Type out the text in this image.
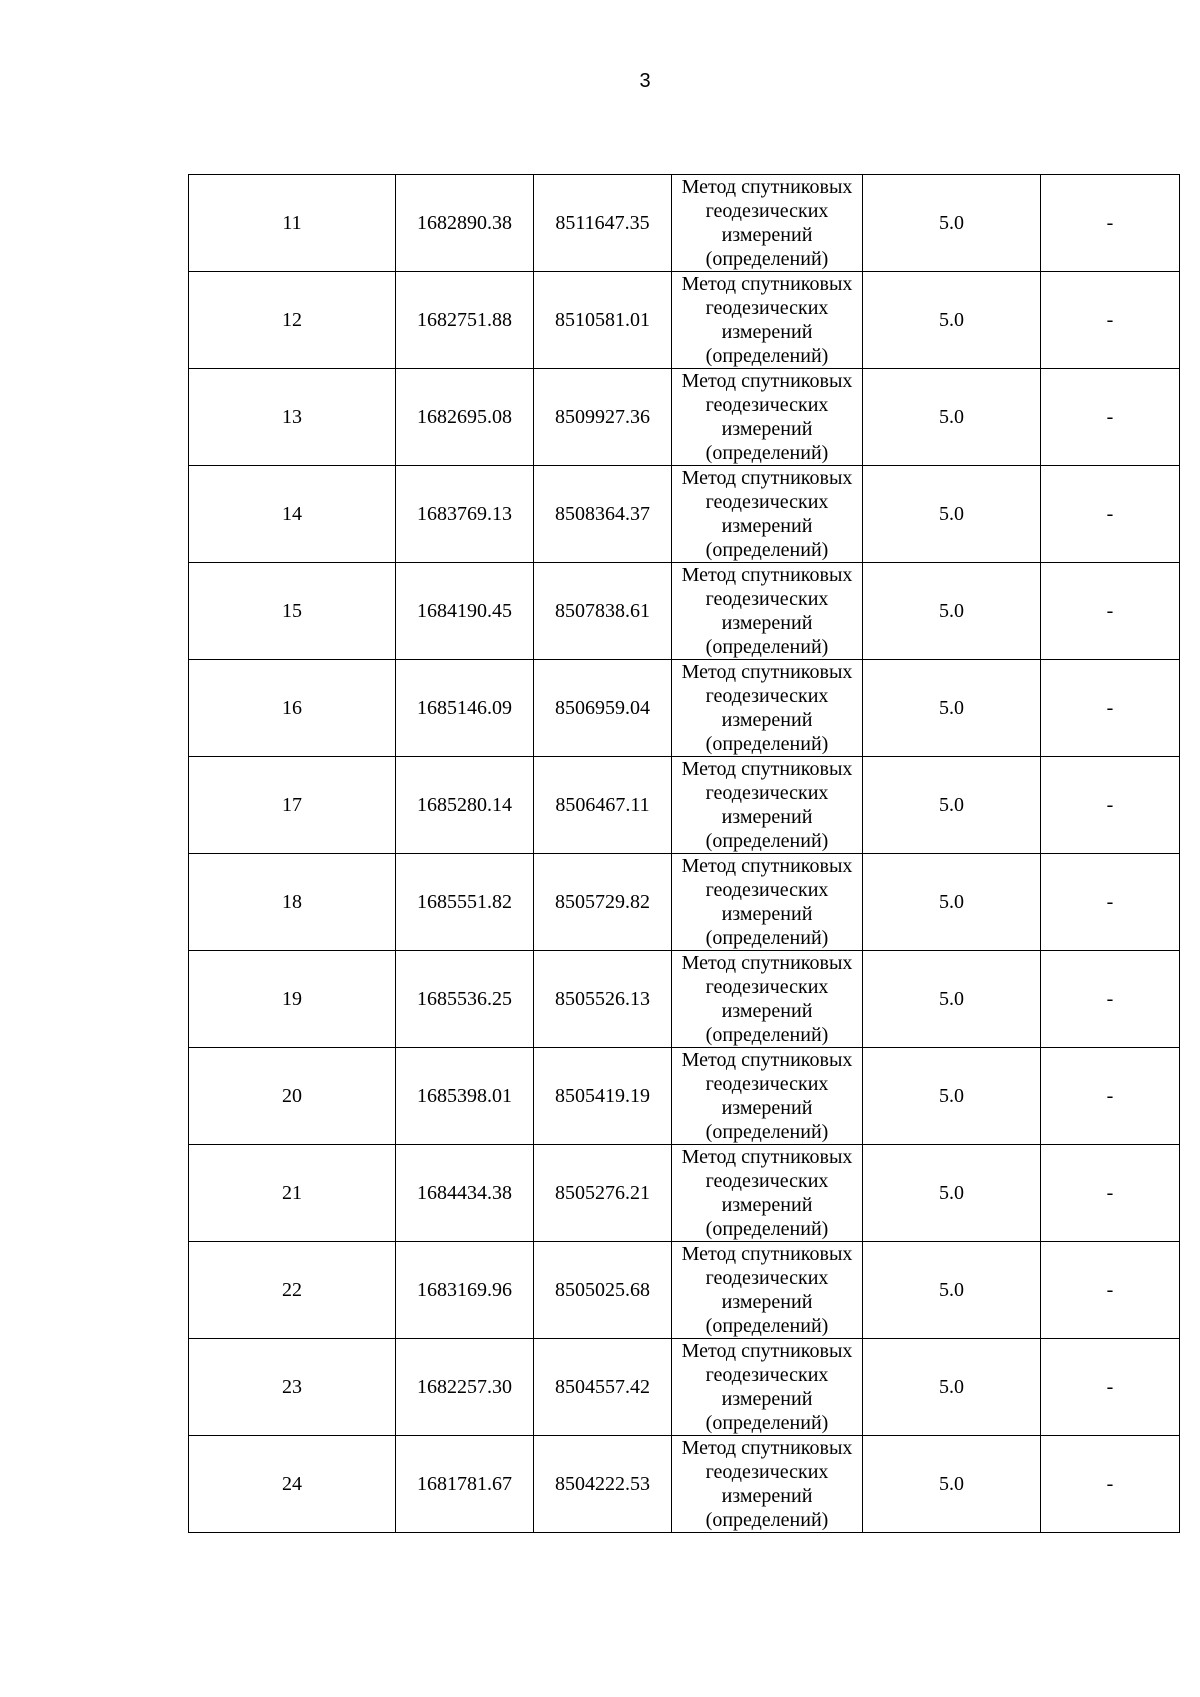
3
11	1682890.38	8511647.35	Метод спутниковых
геодезических
измерений
(определений)	5.0	-
12	1682751.88	8510581.01	Метод спутниковых
геодезических
измерений
(определений)	5.0	-
13	1682695.08	8509927.36	Метод спутниковых
геодезических
измерений
(определений)	5.0	-
14	1683769.13	8508364.37	Метод спутниковых
геодезических
измерений
(определений)	5.0	-
15	1684190.45	8507838.61	Метод спутниковых
геодезических
измерений
(определений)	5.0	-
16	1685146.09	8506959.04	Метод спутниковых
геодезических
измерений
(определений)	5.0	-
17	1685280.14	8506467.11	Метод спутниковых
геодезических
измерений
(определений)	5.0	-
18	1685551.82	8505729.82	Метод спутниковых
геодезических
измерений
(определений)	5.0	-
19	1685536.25	8505526.13	Метод спутниковых
геодезических
измерений
(определений)	5.0	-
20	1685398.01	8505419.19	Метод спутниковых
геодезических
измерений
(определений)	5.0	-
21	1684434.38	8505276.21	Метод спутниковых
геодезических
измерений
(определений)	5.0	-
22	1683169.96	8505025.68	Метод спутниковых
геодезических
измерений
(определений)	5.0	-
23	1682257.30	8504557.42	Метод спутниковых
геодезических
измерений
(определений)	5.0	-
24	1681781.67	8504222.53	Метод спутниковых
геодезических
измерений
(определений)	5.0	-
